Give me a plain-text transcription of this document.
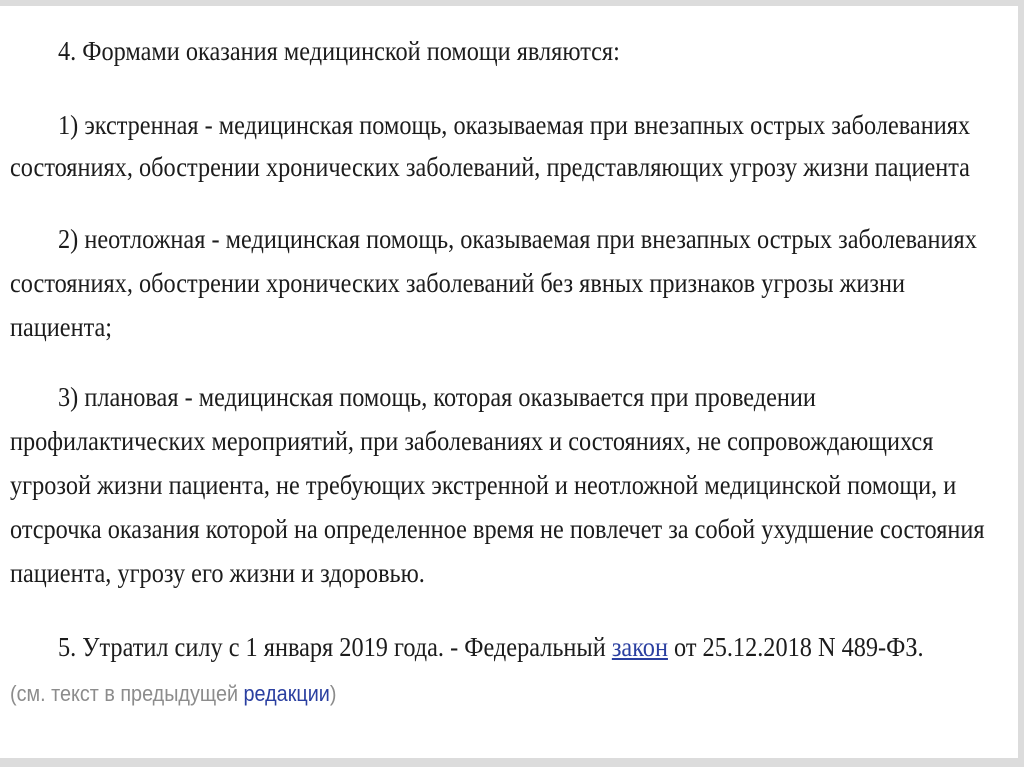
4. Формами оказания медицинской помощи являются:
1) экстренная - медицинская помощь, оказываемая при внезапных острых заболеваниях
состояниях, обострении хронических заболеваний, представляющих угрозу жизни пациента
2) неотложная - медицинская помощь, оказываемая при внезапных острых заболеваниях
состояниях, обострении хронических заболеваний без явных признаков угрозы жизни
пациента;
3) плановая - медицинская помощь, которая оказывается при проведении
профилактических мероприятий, при заболеваниях и состояниях, не сопровождающихся
угрозой жизни пациента, не требующих экстренной и неотложной медицинской помощи, и
отсрочка оказания которой на определенное время не повлечет за собой ухудшение состояния
пациента, угрозу его жизни и здоровью.
5. Утратил силу с 1 января 2019 года. - Федеральный закон от 25.12.2018 N 489-ФЗ.
(см. текст в предыдущей редакции)
